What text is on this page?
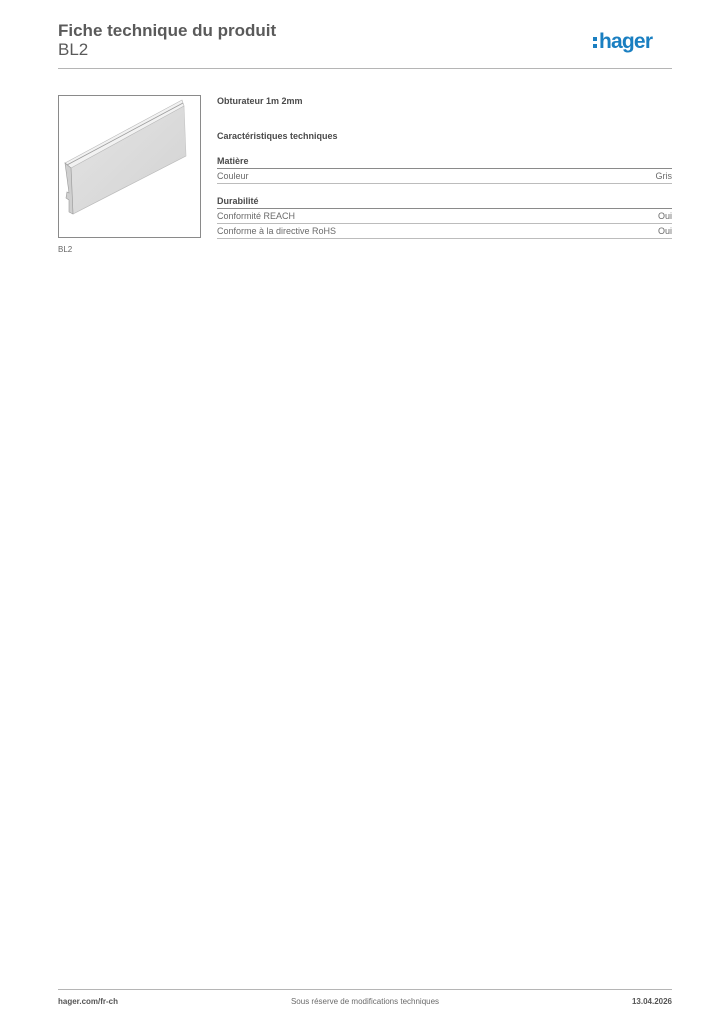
Fiche technique du produit
BL2	hager
BL2
Obturateur 1m 2mm
Caractéristiques techniques
Matière
Couleur	Gris
Durabilité
Conformité REACH	Oui
Conforme à la directive RoHS	Oui
hager.com/fr-ch	Sous réserve de modifications techniques	13.04.2026
